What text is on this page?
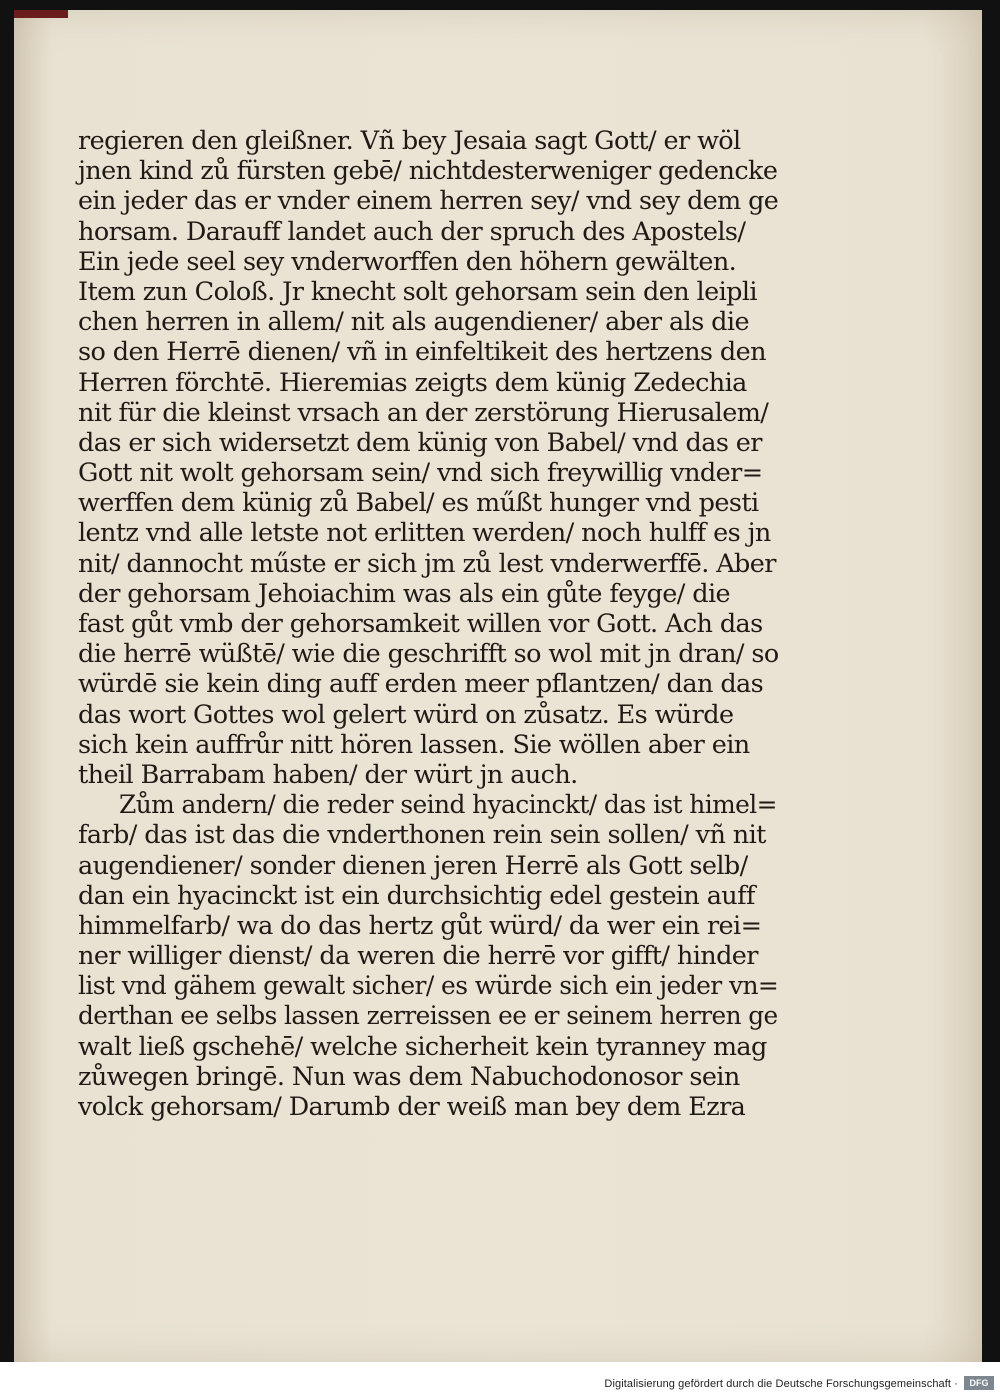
regieren den gleißner. Vñ bey Jesaia sagt Gott/ er wöl
jnen kind zů fürsten gebē/ nichtdesterweniger gedencke
ein jeder das er vnder einem herren sey/ vnd sey dem ge
horsam. Darauff landet auch der spruch des Apostels/
Ein jede seel sey vnderworffen den höhern gewälten.
Item zun Coloß. Jr knecht solt gehorsam sein den leipli
chen herren in allem/ nit als augendiener/ aber als die
so den Herrē dienen/ vñ in einfeltikeit des hertzens den
Herren förchtē. Hieremias zeigts dem künig Zedechia
nit für die kleinst vrsach an der zerstörung Hierusalem/
das er sich widersetzt dem künig von Babel/ vnd das er
Gott nit wolt gehorsam sein/ vnd sich freywillig vnder=
werffen dem künig zů Babel/ es műßt hunger vnd pesti
lentz vnd alle letste not erlitten werden/ noch hulff es jn
nit/ dannocht műste er sich jm zů lest vnderwerffē. Aber
der gehorsam Jehoiachim was als ein gůte feyge/ die
fast gůt vmb der gehorsamkeit willen vor Gott. Ach das
die herrē wüßtē/ wie die geschrifft so wol mit jn dran/ so
würdē sie kein ding auff erden meer pflantzen/ dan das
das wort Gottes wol gelert würd on zůsatz. Es würde
sich kein auffrůr nitt hören lassen. Sie wöllen aber ein
theil Barrabam haben/ der würt jn auch.
Zům andern/ die reder seind hyacinckt/ das ist himel=
farb/ das ist das die vnderthonen rein sein sollen/ vñ nit
augendiener/ sonder dienen jeren Herrē als Gott selb/
dan ein hyacinckt ist ein durchsichtig edel gestein auff
himmelfarb/ wa do das hertz gůt würd/ da wer ein rei=
ner williger dienst/ da weren die herrē vor gifft/ hinder
list vnd gähem gewalt sicher/ es würde sich ein jeder vn=
derthan ee selbs lassen zerreissen ee er seinem herren ge
walt ließ gschehē/ welche sicherheit kein tyranney mag
zůwegen bringē. Nun was dem Nabuchodonosor sein
volck gehorsam/ Darumb der weiß man bey dem Ezra
Digitalisierung gefördert durch die Deutsche Forschungsgemeinschaft ·	DFG
